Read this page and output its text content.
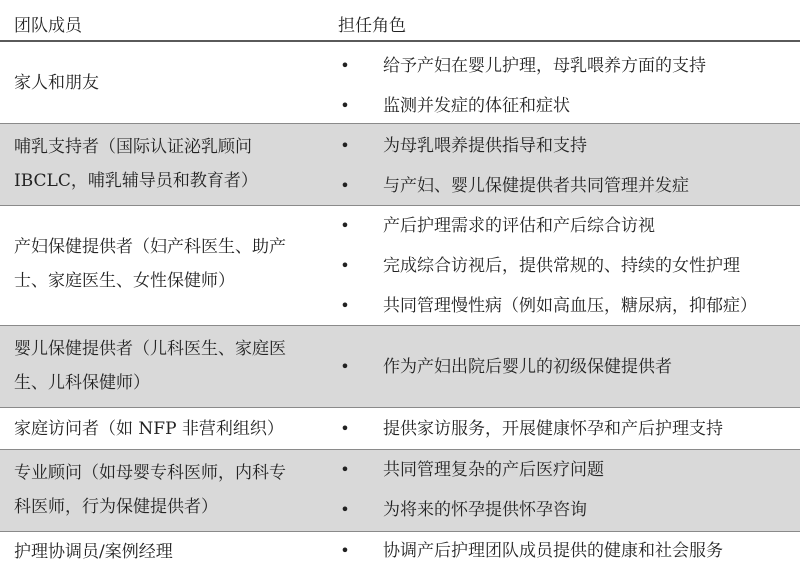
团队成员	担任角色
家人和朋友
• 给予产妇在婴儿护理，母乳喂养方面的支持
• 监测并发症的体征和症状
哺乳支持者（国际认证泌乳顾问
IBCLC，哺乳辅导员和教育者）
• 为母乳喂养提供指导和支持
• 与产妇、婴儿保健提供者共同管理并发症
产妇保健提供者（妇产科医生、助产
士、家庭医生、女性保健师）
• 产后护理需求的评估和产后综合访视
• 完成综合访视后，提供常规的、持续的女性护理
• 共同管理慢性病（例如高血压，糖尿病，抑郁症）
婴儿保健提供者（儿科医生、家庭医
生、儿科保健师）
• 作为产妇出院后婴儿的初级保健提供者
家庭访问者（如 NFP 非营利组织）	• 提供家访服务，开展健康怀孕和产后护理支持
专业顾问（如母婴专科医师，内科专
科医师，行为保健提供者）
• 共同管理复杂的产后医疗问题
• 为将来的怀孕提供怀孕咨询
护理协调员/案例经理	• 协调产后护理团队成员提供的健康和社会服务
